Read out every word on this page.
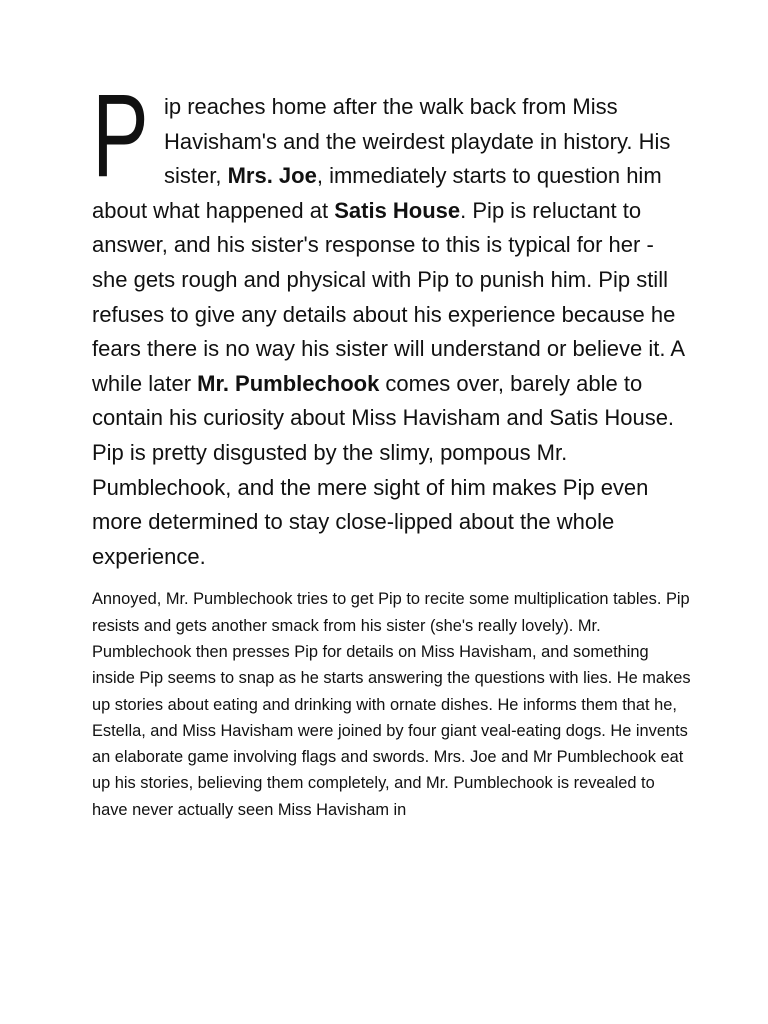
P ip reaches home after the walk back from Miss Havisham's and the weirdest playdate in history. His sister, Mrs. Joe, immediately starts to question him about what happened at Satis House. Pip is reluctant to answer, and his sister's response to this is typical for her - she gets rough and physical with Pip to punish him. Pip still refuses to give any details about his experience because he fears there is no way his sister will understand or believe it. A while later Mr. Pumblechook comes over, barely able to contain his curiosity about Miss Havisham and Satis House. Pip is pretty disgusted by the slimy, pompous Mr. Pumblechook, and the mere sight of him makes Pip even more determined to stay close-lipped about the whole experience.

Annoyed, Mr. Pumblechook tries to get Pip to recite some multiplication tables. Pip resists and gets another smack from his sister (she's really lovely). Mr. Pumblechook then presses Pip for details on Miss Havisham, and something inside Pip seems to snap as he starts answering the questions with lies. He makes up stories about eating and drinking with ornate dishes. He informs them that he, Estella, and Miss Havisham were joined by four giant veal-eating dogs. He invents an elaborate game involving flags and swords. Mrs. Joe and Mr Pumblechook eat up his stories, believing them completely, and Mr. Pumblechook is revealed to have never actually seen Miss Havisham in
